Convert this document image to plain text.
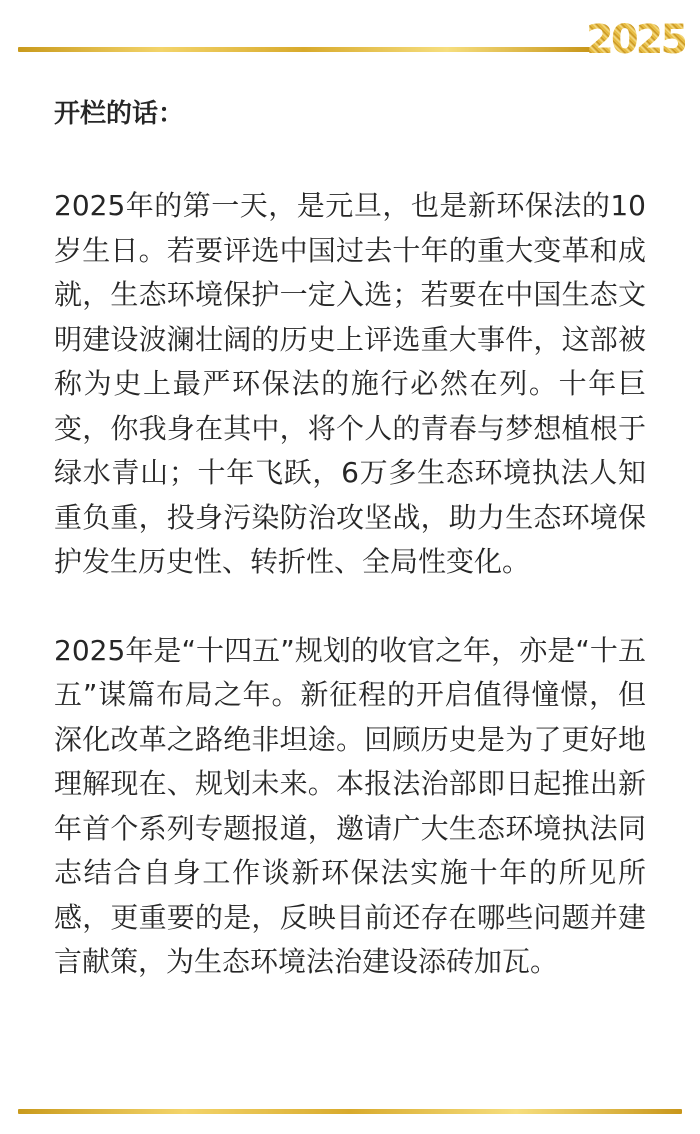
2025

开栏的话：

2025年的第一天，是元旦，也是新环保法的10岁生日。若要评选中国过去十年的重大变革和成就，生态环境保护一定入选；若要在中国生态文明建设波澜壮阔的历史上评选重大事件，这部被称为史上最严环保法的施行必然在列。十年巨变，你我身在其中，将个人的青春与梦想植根于绿水青山；十年飞跃，6万多生态环境执法人知重负重，投身污染防治攻坚战，助力生态环境保护发生历史性、转折性、全局性变化。

2025年是“十四五”规划的收官之年，亦是“十五五”谋篇布局之年。新征程的开启值得憧憬，但深化改革之路绝非坦途。回顾历史是为了更好地理解现在、规划未来。本报法治部即日起推出新年首个系列专题报道，邀请广大生态环境执法同志结合自身工作谈新环保法实施十年的所见所感，更重要的是，反映目前还存在哪些问题并建言献策，为生态环境法治建设添砖加瓦。
